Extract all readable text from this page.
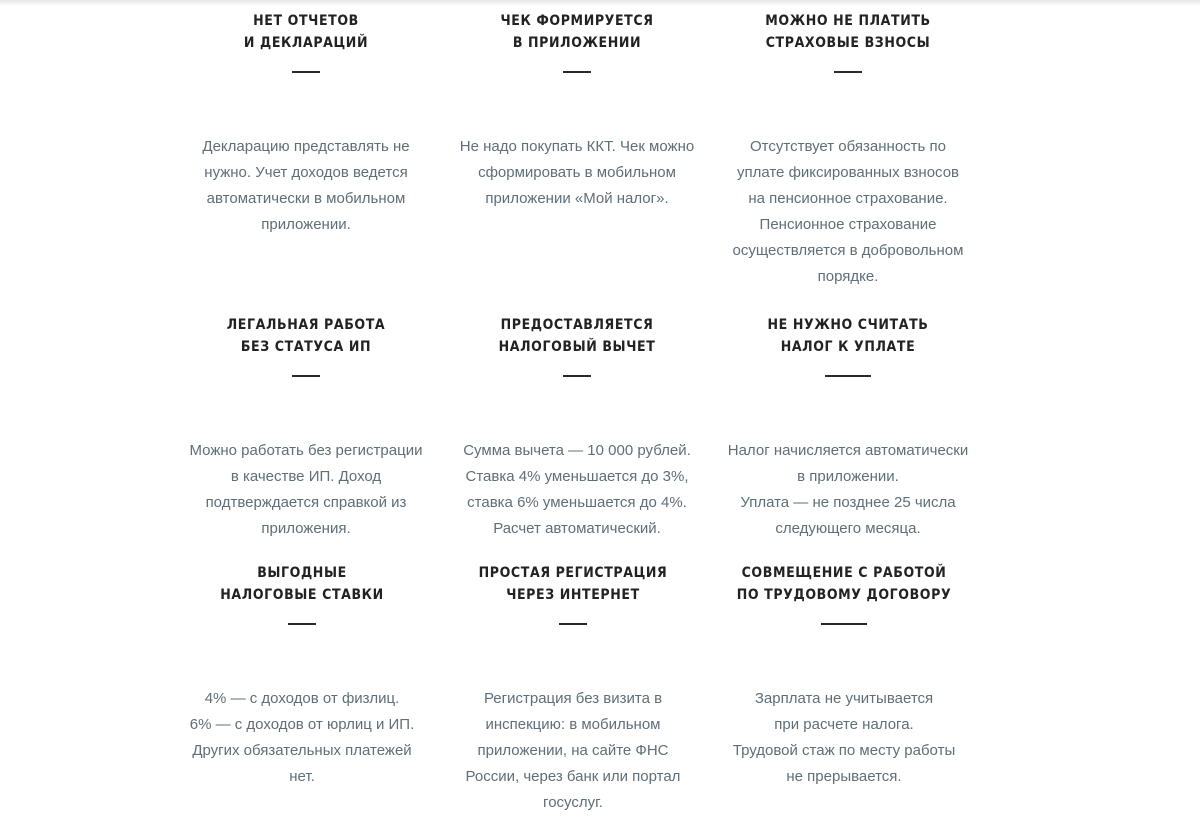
НЕТ ОТЧЕТОВ
И ДЕКЛАРАЦИЙ

Декларацию представлять не
нужно. Учет доходов ведется
автоматически в мобильном
приложении.

ЧЕК ФОРМИРУЕТСЯ
В ПРИЛОЖЕНИИ

Не надо покупать ККТ. Чек можно
сформировать в мобильном
приложении «Мой налог».

МОЖНО НЕ ПЛАТИТЬ
СТРАХОВЫЕ ВЗНОСЫ

Отсутствует обязанность по
уплате фиксированных взносов
на пенсионное страхование.
Пенсионное страхование
осуществляется в добровольном
порядке.

ЛЕГАЛЬНАЯ РАБОТА
БЕЗ СТАТУСА ИП

Можно работать без регистрации
в качестве ИП. Доход
подтверждается справкой из
приложения.

ПРЕДОСТАВЛЯЕТСЯ
НАЛОГОВЫЙ ВЫЧЕТ

Сумма вычета — 10 000 рублей.
Ставка 4% уменьшается до 3%,
ставка 6% уменьшается до 4%.
Расчет автоматический.

НЕ НУЖНО СЧИТАТЬ
НАЛОГ К УПЛАТЕ

Налог начисляется автоматически
в приложении.
Уплата — не позднее 25 числа
следующего месяца.

ВЫГОДНЫЕ
НАЛОГОВЫЕ СТАВКИ

4% — с доходов от физлиц.
6% — с доходов от юрлиц и ИП.
Других обязательных платежей
нет.

ПРОСТАЯ РЕГИСТРАЦИЯ
ЧЕРЕЗ ИНТЕРНЕТ

Регистрация без визита в
инспекцию: в мобильном
приложении, на сайте ФНС
России, через банк или портал
госуслуг.

СОВМЕЩЕНИЕ С РАБОТОЙ
ПО ТРУДОВОМУ ДОГОВОРУ

Зарплата не учитывается
при расчете налога.
Трудовой стаж по месту работы
не прерывается.
